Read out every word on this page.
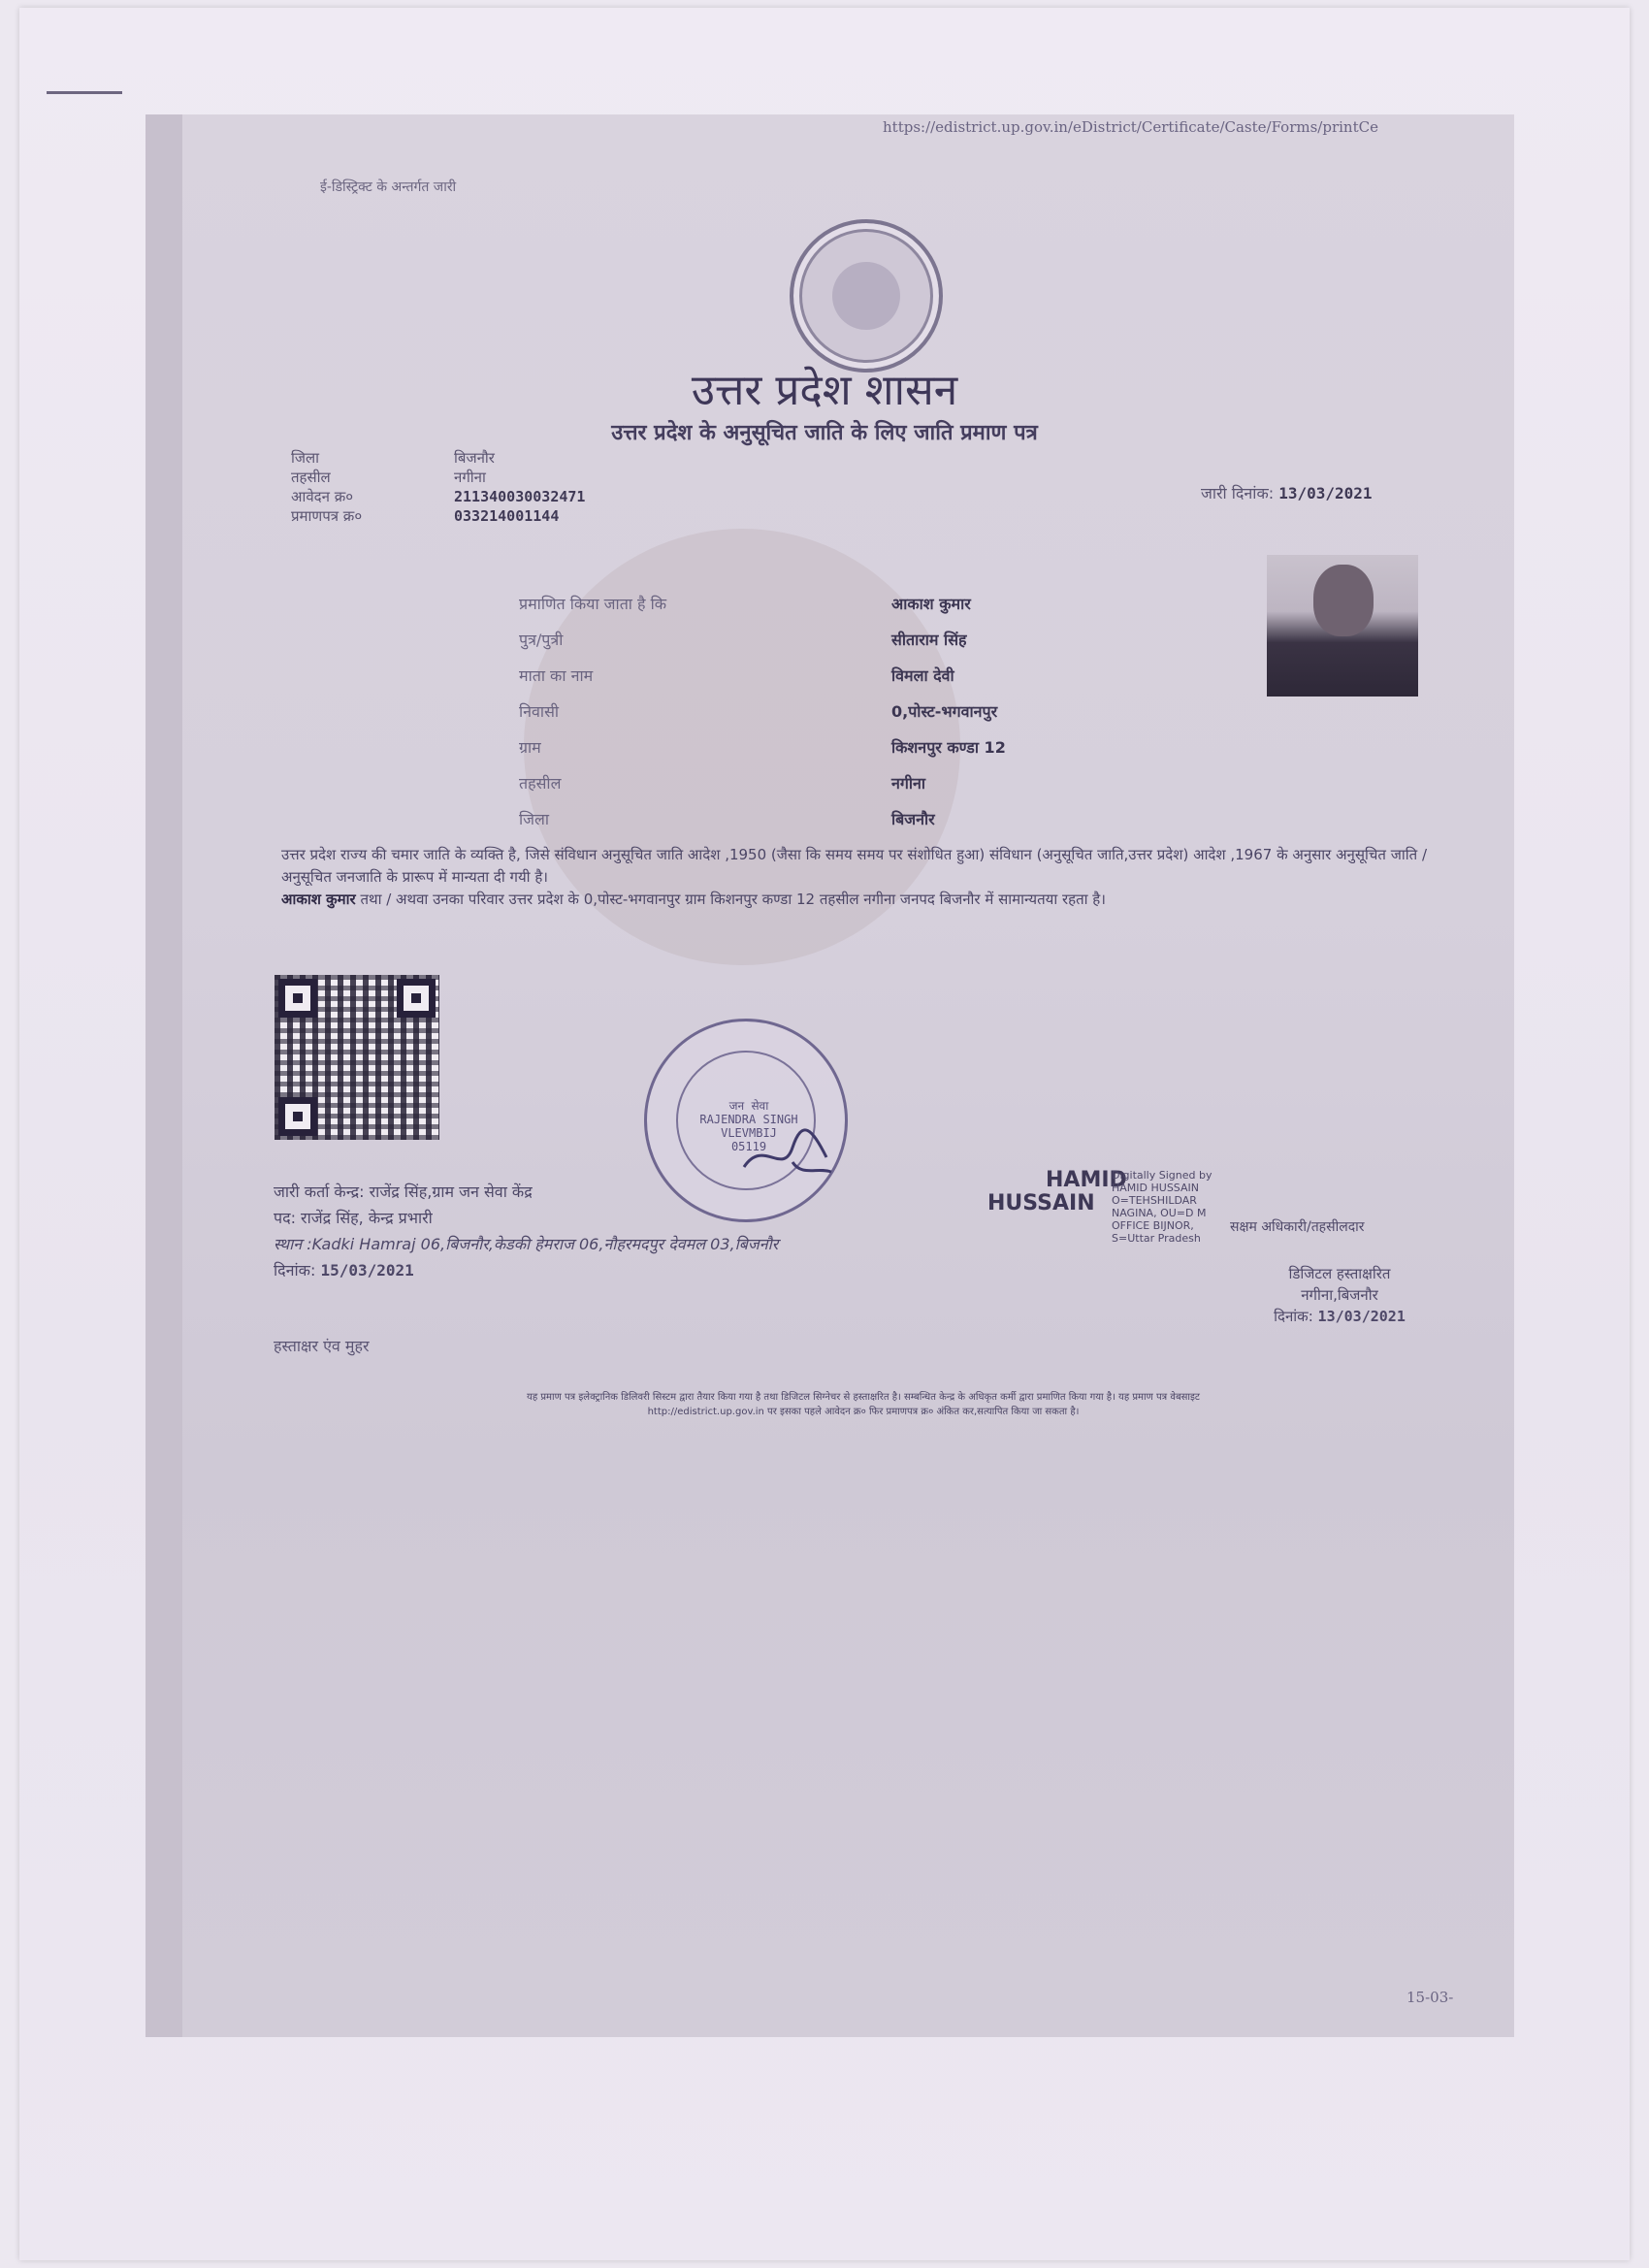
https://edistrict.up.gov.in/eDistrict/Certificate/Caste/Forms/printCe
ई-डिस्ट्रिक्ट के अन्तर्गत जारी
उत्तर प्रदेश शासन
उत्तर प्रदेश के अनुसूचित जाति के लिए जाति प्रमाण पत्र
जिला	बिजनौर
तहसील	नगीना
आवेदन क्र०	211340030032471
प्रमाणपत्र क्र०	033214001144
जारी दिनांक: 13/03/2021
प्रमाणित किया जाता है कि	आकाश कुमार
पुत्र/पुत्री	सीताराम सिंह
माता का नाम	विमला देवी
निवासी	0,पोस्ट-भगवानपुर
ग्राम	किशनपुर कण्डा 12
तहसील	नगीना
जिला	बिजनौर
उत्तर प्रदेश राज्य की चमार जाति के व्यक्ति है, जिसे संविधान अनुसूचित जाति आदेश ,1950 (जैसा कि समय समय पर संशोधित हुआ) संविधान (अनुसूचित जाति,उत्तर प्रदेश) आदेश ,1967 के अनुसार अनुसूचित जाति / अनुसूचित जनजाति के प्रारूप में मान्यता दी गयी है।
आकाश कुमार तथा / अथवा उनका परिवार उत्तर प्रदेश के 0,पोस्ट-भगवानपुर ग्राम किशनपुर कण्डा 12 तहसील नगीना जनपद बिजनौर में सामान्यतया रहता है।
जन सेवा
RAJENDRA SINGH
VLEVMBIJ
05119
जारी कर्ता केन्द्र: राजेंद्र सिंह,ग्राम जन सेवा केंद्र
पद: राजेंद्र सिंह, केन्द्र प्रभारी
स्थान :Kadki Hamraj 06,बिजनौर,केडकी हेमराज 06,नौहरमदपुर देवमल 03,बिजनौर
दिनांक: 15/03/2021
हस्ताक्षर एंव मुहर
HAMID
HUSSAIN
Digitally Signed by HAMID HUSSAIN O=TEHSHILDAR NAGINA, OU=D M OFFICE BIJNOR, S=Uttar Pradesh
सक्षम अधिकारी/तहसीलदार
डिजिटल हस्ताक्षरित
नगीना,बिजनौर
दिनांक: 13/03/2021
यह प्रमाण पत्र इलेक्ट्रानिक डिलिवरी सिस्टम द्वारा तैयार किया गया है तथा डिजिटल सिग्नेचर से हस्ताक्षरित है। सम्बन्धित केन्द्र के अधिकृत कर्मी द्वारा प्रमाणित किया गया है। यह प्रमाण पत्र वेबसाइट
http://edistrict.up.gov.in पर इसका पहले आवेदन क्र० फिर प्रमाणपत्र क्र० अंकित कर,सत्यापित किया जा सकता है।
15-03-
